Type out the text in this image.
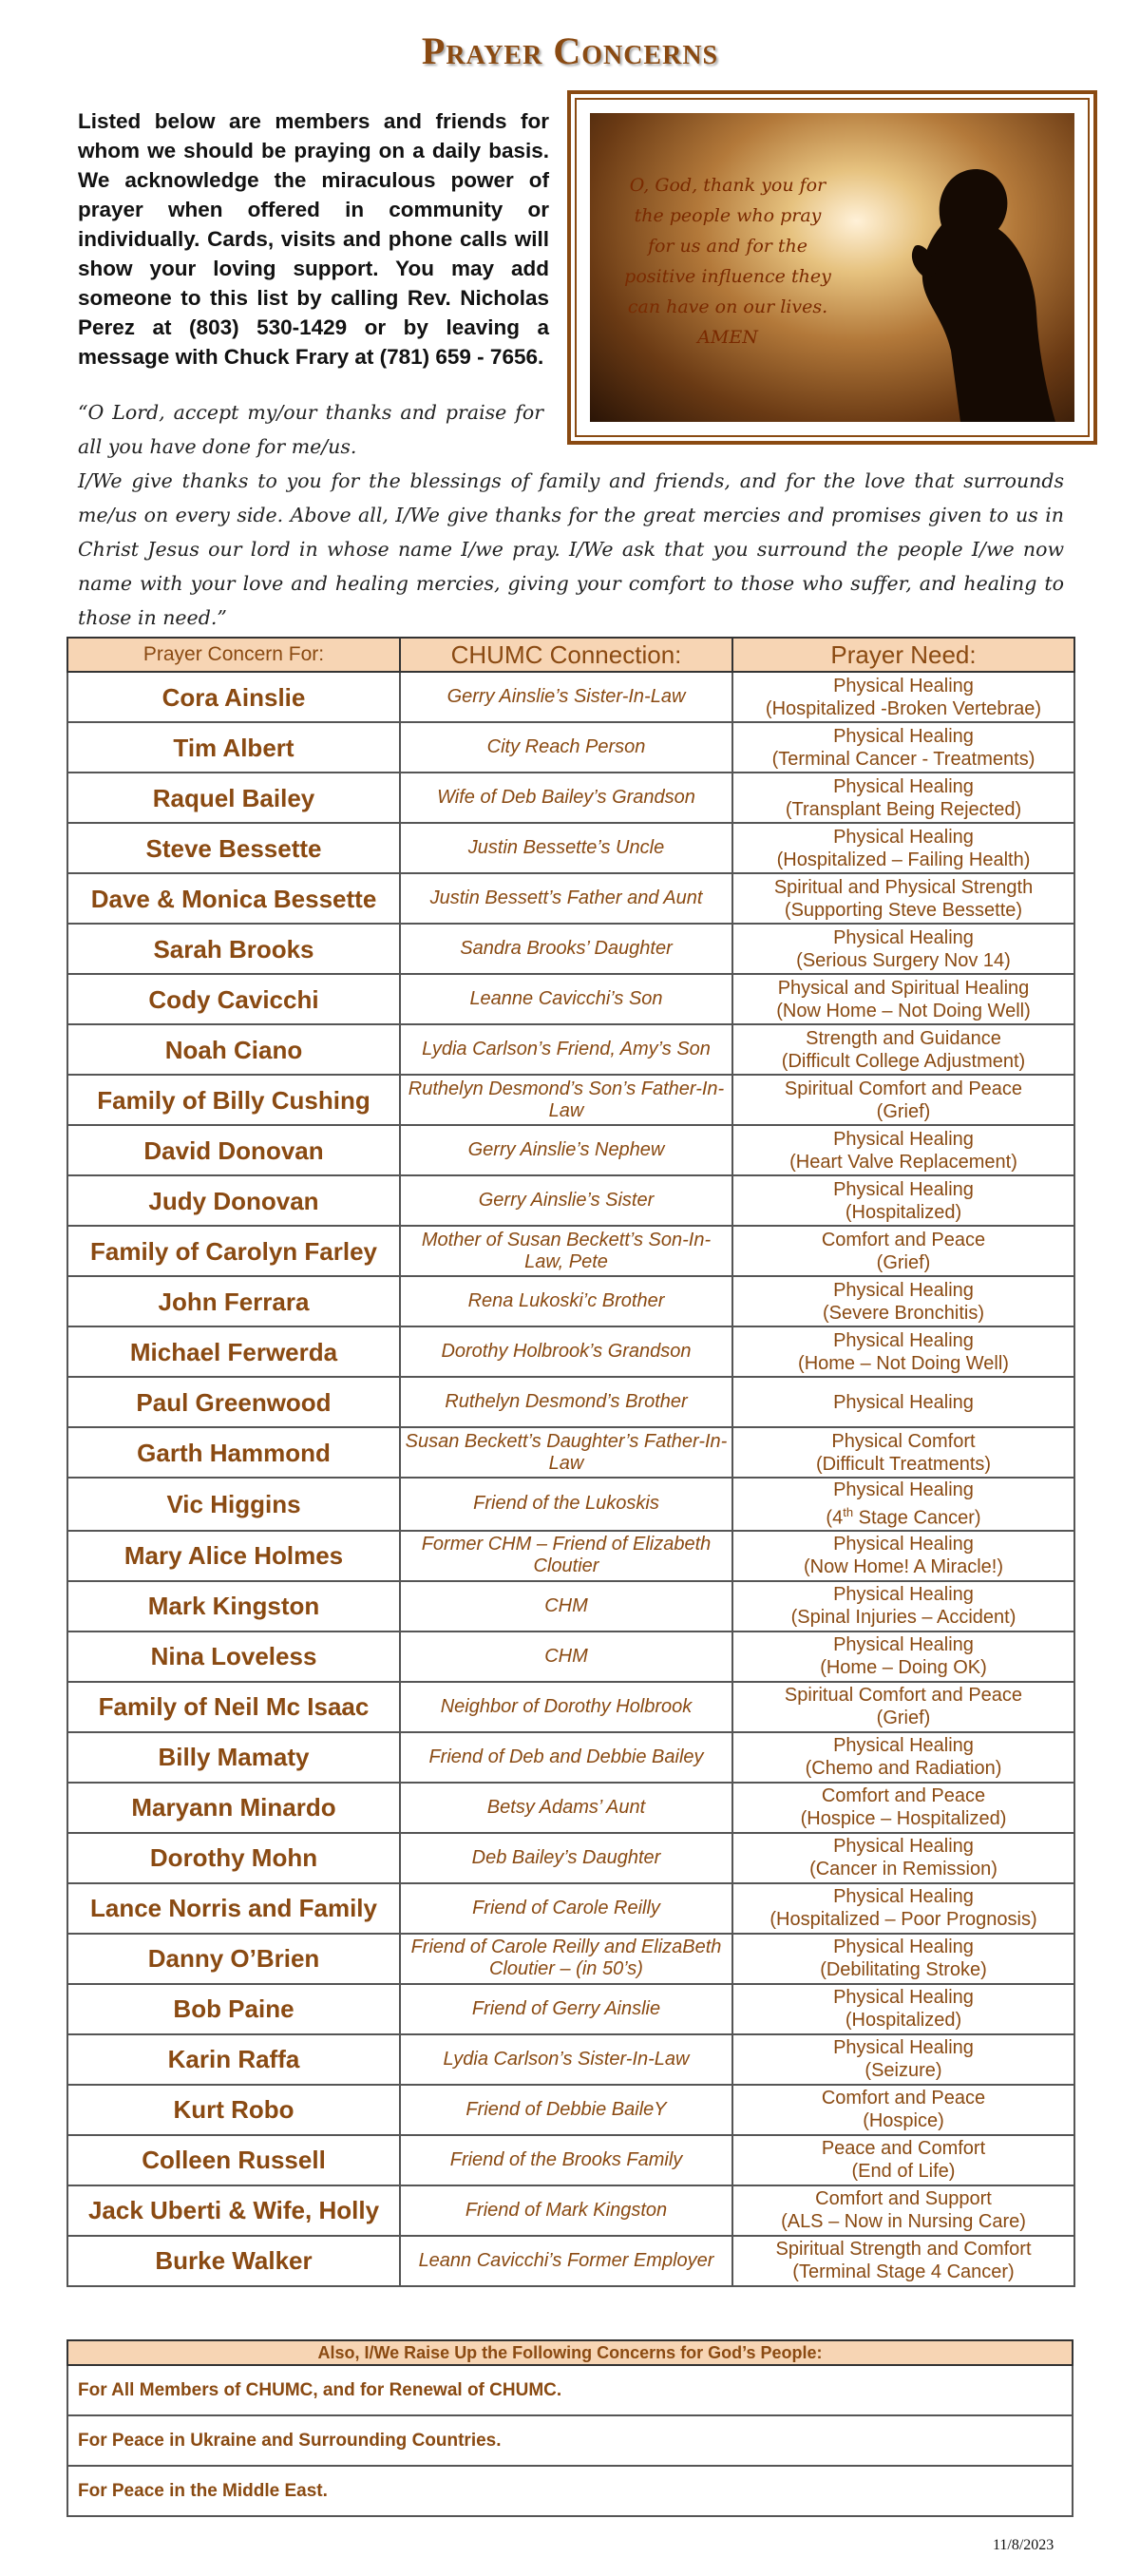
Prayer Concerns
Listed below are members and friends for whom we should be praying on a daily basis. We acknowledge the miraculous power of prayer when offered in community or individually. Cards, visits and phone calls will show your loving support. You may add someone to this list by calling Rev. Nicholas Perez at (803) 530-1429 or by leaving a message with Chuck Frary at (781) 659 - 7656.
O, God, thank you for the people who pray for us and for the positive influence they can have on our lives. AMEN
“O Lord, accept my/our thanks and praise for all you have done for me/us.
I/We give thanks to you for the blessings of family and friends, and for the love that surrounds me/us on every side. Above all, I/We give thanks for the great mercies and promises given to us in Christ Jesus our lord in whose name I/we pray. I/We ask that you surround the people I/we now name with your love and healing mercies, giving your comfort to those who suffer, and healing to those in need.”
Prayer Concern For:	CHUMC Connection:	Prayer Need:
Cora Ainslie	Gerry Ainslie’s Sister-In-Law	Physical Healing
(Hospitalized -Broken Vertebrae)

Tim Albert	City Reach Person	Physical Healing
(Terminal Cancer - Treatments)

Raquel Bailey	Wife of Deb Bailey’s Grandson	Physical Healing
(Transplant Being Rejected)

Steve Bessette	Justin Bessette’s Uncle	Physical Healing
(Hospitalized – Failing Health)

Dave & Monica Bessette	Justin Bessett’s Father and Aunt	Spiritual and Physical Strength
(Supporting Steve Bessette)

Sarah Brooks	Sandra Brooks’ Daughter	Physical Healing
(Serious Surgery Nov 14)

Cody Cavicchi	Leanne Cavicchi’s Son	Physical and Spiritual Healing
(Now Home – Not Doing Well)

Noah Ciano	Lydia Carlson’s Friend, Amy’s Son	Strength and Guidance
(Difficult College Adjustment)

Family of Billy Cushing	Ruthelyn Desmond’s Son’s Father-In-Law	Spiritual Comfort and Peace
(Grief)

David Donovan	Gerry Ainslie’s Nephew	Physical Healing
(Heart Valve Replacement)

Judy Donovan	Gerry Ainslie’s Sister	Physical Healing
(Hospitalized)

Family of Carolyn Farley	Mother of Susan Beckett’s Son-In-Law, Pete	Comfort and Peace
(Grief)

John Ferrara	Rena Lukoski’c Brother	Physical Healing
(Severe Bronchitis)

Michael Ferwerda	Dorothy Holbrook’s Grandson	Physical Healing
(Home – Not Doing Well)

Paul Greenwood	Ruthelyn Desmond’s Brother	Physical Healing

Garth Hammond	Susan Beckett’s Daughter’s Father-In-Law	Physical Comfort
(Difficult Treatments)

Vic Higgins	Friend of the Lukoskis	Physical Healing
(4th Stage Cancer)

Mary Alice Holmes	Former CHM – Friend of Elizabeth Cloutier	Physical Healing
(Now Home! A Miracle!)

Mark Kingston	CHM	Physical Healing
(Spinal Injuries – Accident)

Nina Loveless	CHM	Physical Healing
(Home – Doing OK)

Family of Neil Mc Isaac	Neighbor of Dorothy Holbrook	Spiritual Comfort and Peace
(Grief)

Billy Mamaty	Friend of Deb and Debbie Bailey	Physical Healing
(Chemo and Radiation)

Maryann Minardo	Betsy Adams’ Aunt	Comfort and Peace
(Hospice – Hospitalized)

Dorothy Mohn	Deb Bailey’s Daughter	Physical Healing
(Cancer in Remission)

Lance Norris and Family	Friend of Carole Reilly	Physical Healing
(Hospitalized – Poor Prognosis)

Danny O’Brien	Friend of Carole Reilly and ElizaBeth Cloutier – (in 50’s)	Physical Healing
(Debilitating Stroke)

Bob Paine	Friend of Gerry Ainslie	Physical Healing
(Hospitalized)

Karin Raffa	Lydia Carlson’s Sister-In-Law	Physical Healing
(Seizure)

Kurt Robo	Friend of Debbie BaileY	Comfort and Peace
(Hospice)

Colleen Russell	Friend of the Brooks Family	Peace and Comfort
(End of Life)

Jack Uberti & Wife, Holly	Friend of Mark Kingston	Comfort and Support
(ALS – Now in Nursing Care)

Burke Walker	Leann Cavicchi’s Former Employer	Spiritual Strength and Comfort
(Terminal Stage 4 Cancer)
Also, I/We Raise Up the Following Concerns for God’s People:
For All Members of CHUMC, and for Renewal of CHUMC.
For Peace in Ukraine and Surrounding Countries.
For Peace in the Middle East.
11/8/2023
